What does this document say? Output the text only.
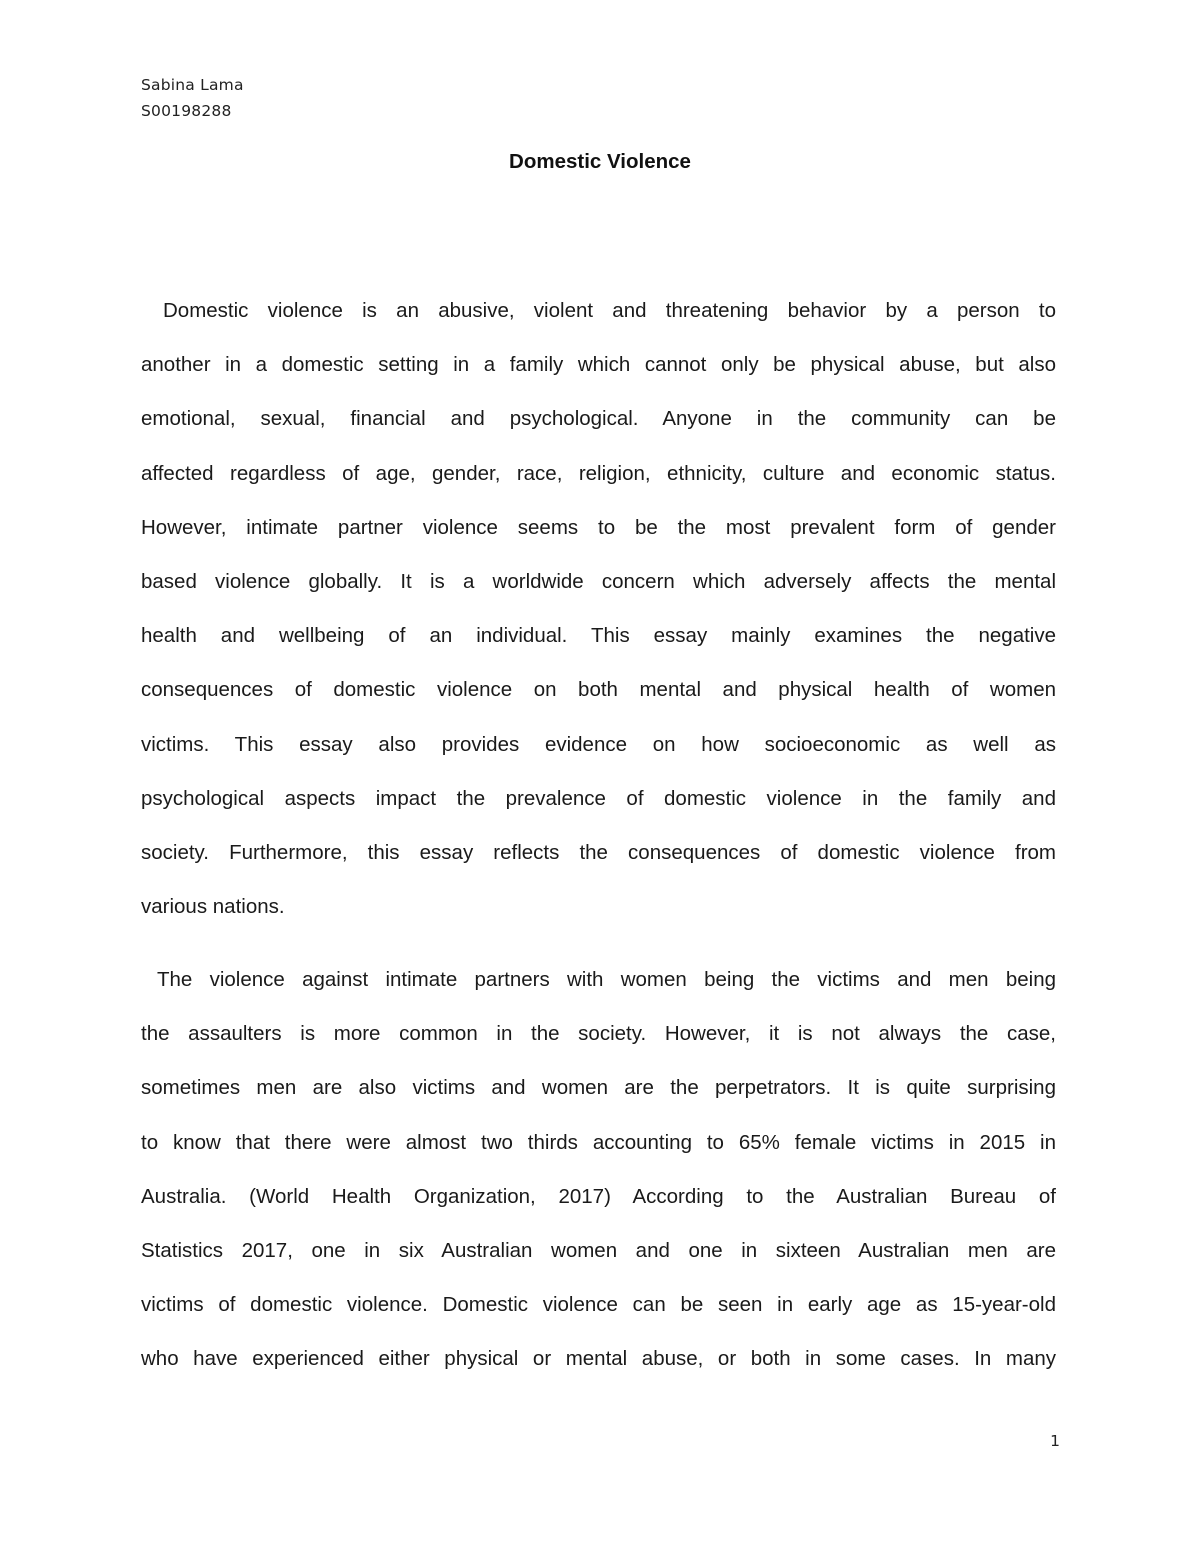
Sabina Lama
S00198288
Domestic Violence
Domestic violence is an abusive, violent and threatening behavior by a person to
another in a domestic setting in a family which cannot only be physical abuse, but also
emotional, sexual, financial and psychological. Anyone in the community can be
affected regardless of age, gender, race, religion, ethnicity, culture and economic status.
However, intimate partner violence seems to be the most prevalent form of gender
based violence globally. It is a worldwide concern which adversely affects the mental
health and wellbeing of an individual. This essay mainly examines the negative
consequences of domestic violence on both mental and physical health of women
victims. This essay also provides evidence on how socioeconomic as well as
psychological aspects impact the prevalence of domestic violence in the family and
society. Furthermore, this essay reflects the consequences of domestic violence from
various nations.
The violence against intimate partners with women being the victims and men being
the assaulters is more common in the society. However, it is not always the case,
sometimes men are also victims and women are the perpetrators. It is quite surprising
to know that there were almost two thirds accounting to 65% female victims in 2015 in
Australia. (World Health Organization, 2017) According to the Australian Bureau of
Statistics 2017, one in six Australian women and one in sixteen Australian men are
victims of domestic violence. Domestic violence can be seen in early age as 15-year-old
who have experienced either physical or mental abuse, or both in some cases. In many
1
